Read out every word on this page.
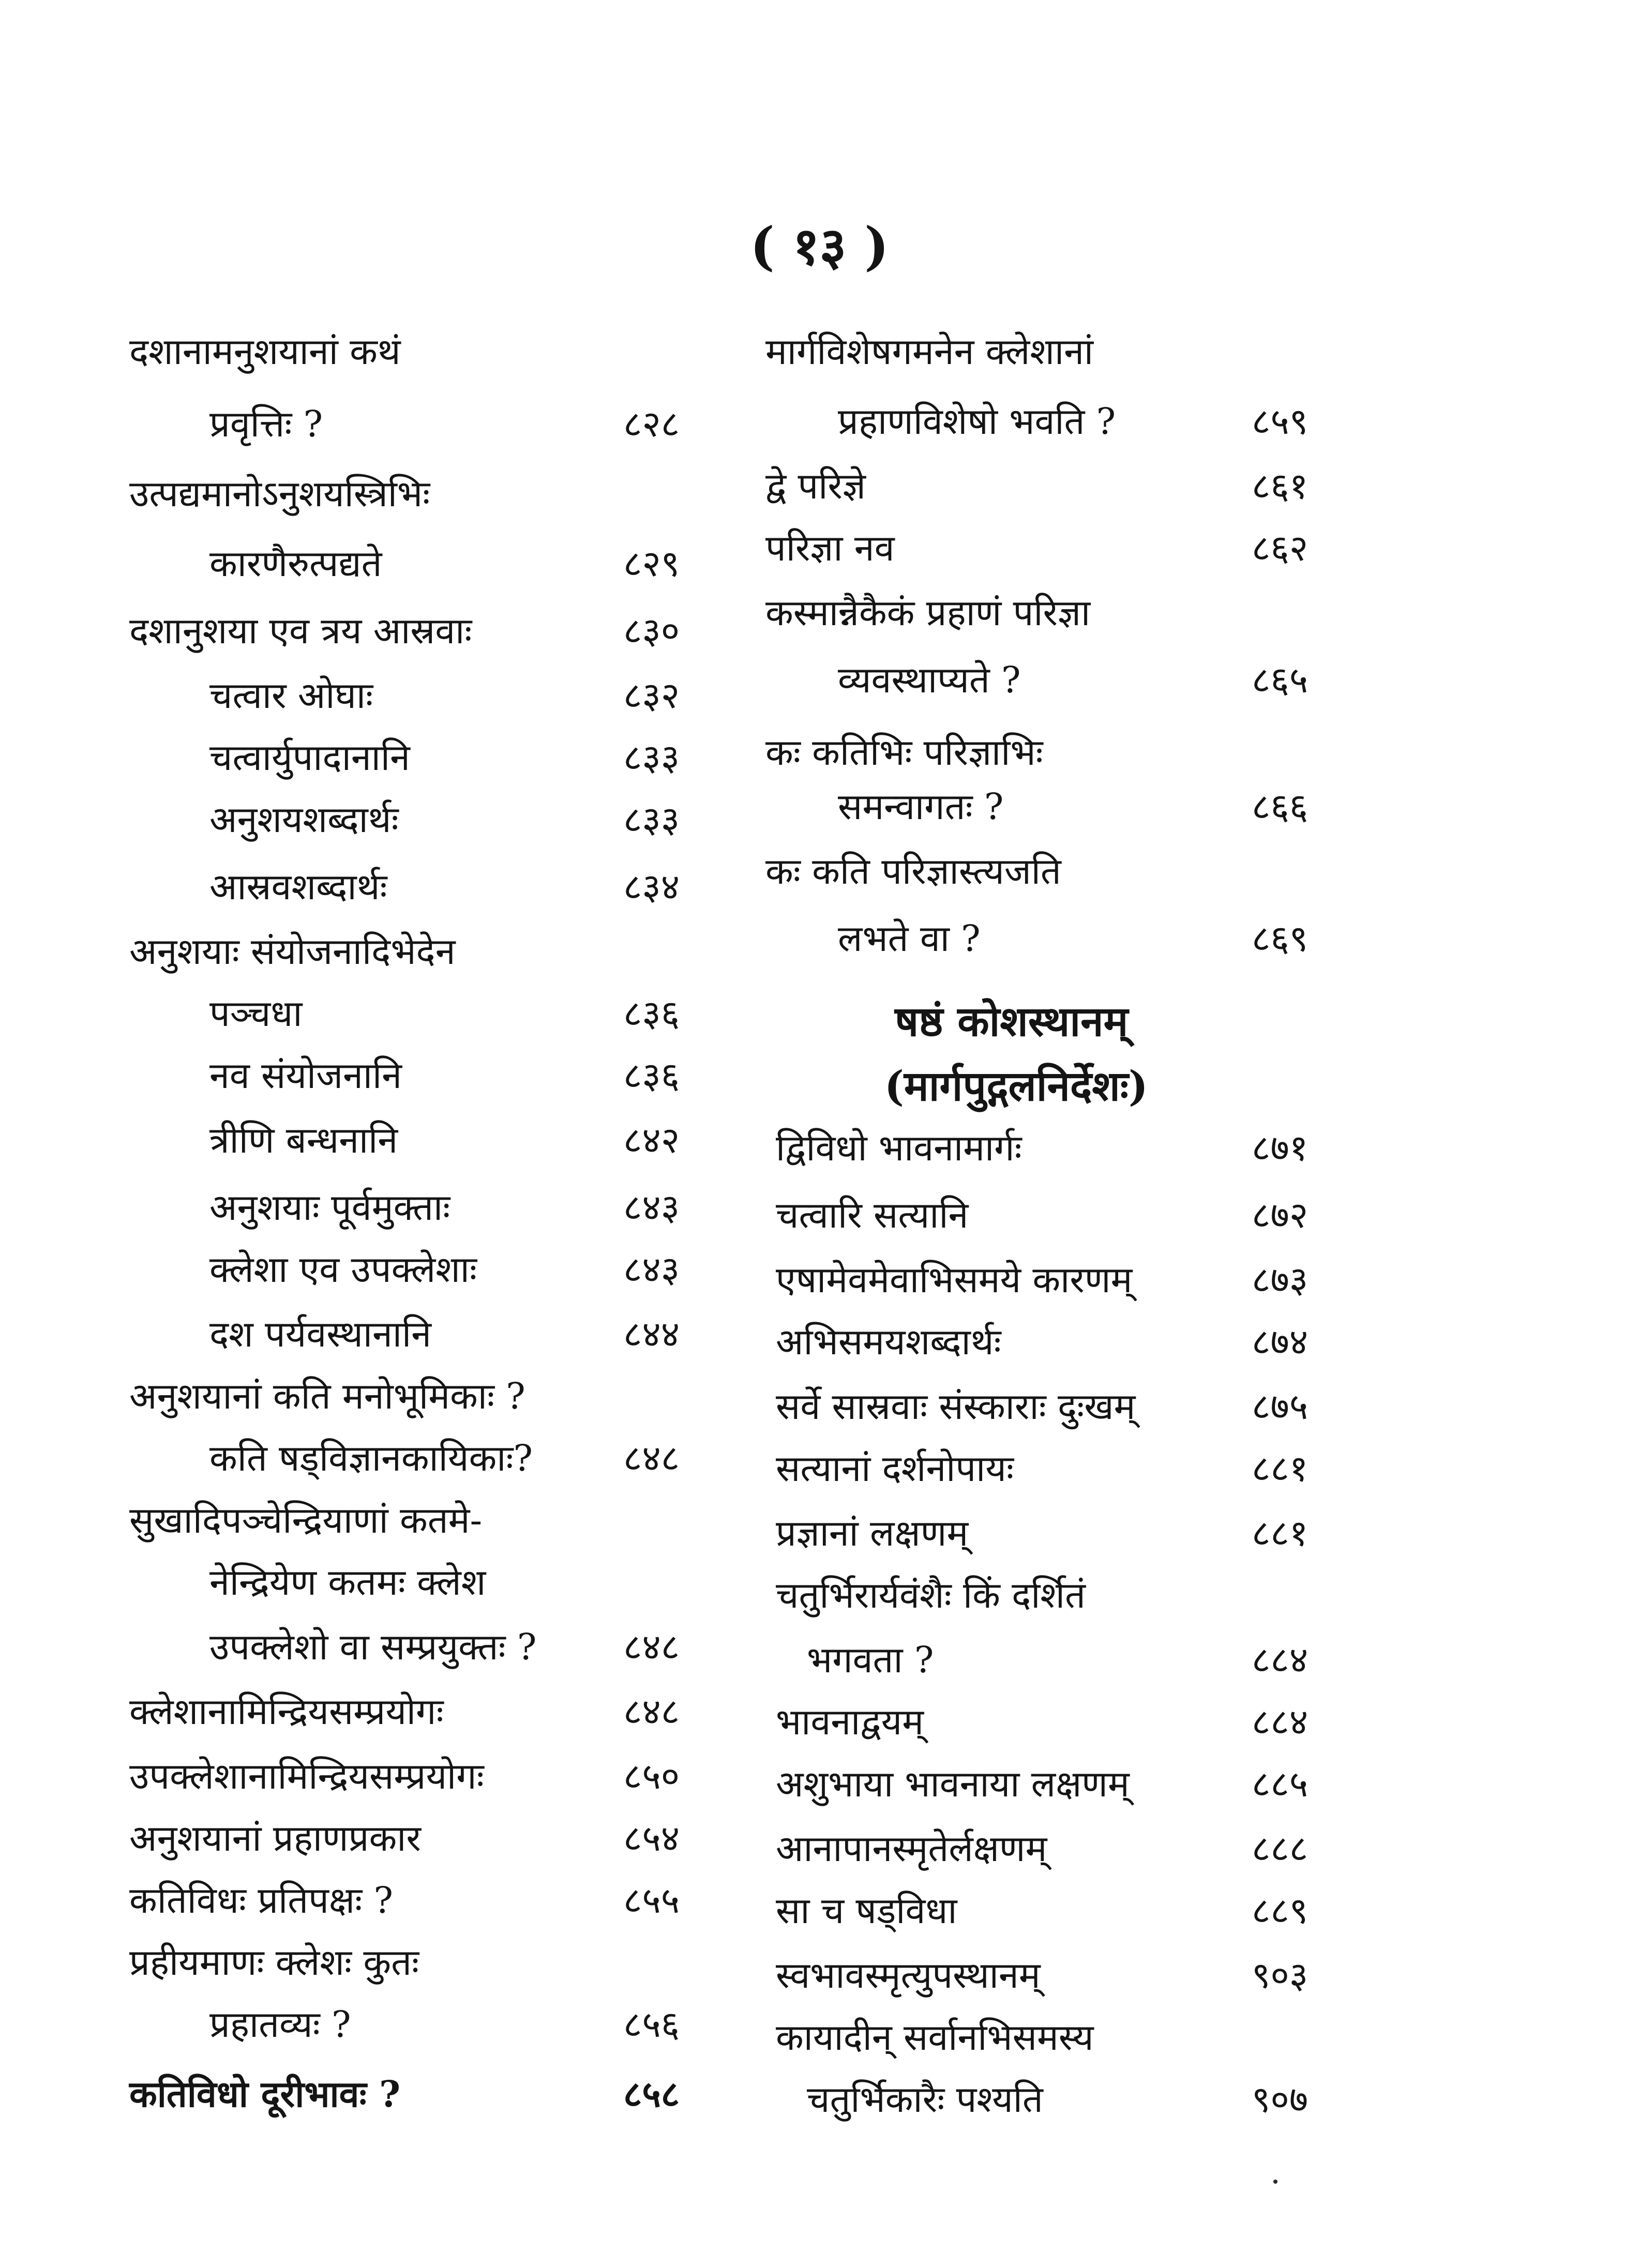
( १३ )
दशानामनुशयानां कथं
प्रवृत्तिः ?	८२८
उत्पद्यमानोऽनुशयस्त्रिभिः
कारणैरुत्पद्यते	८२९
दशानुशया एव त्रय आस्रवाः	८३०
चत्वार ओघाः	८३२
चत्वार्युपादानानि	८३३
अनुशयशब्दार्थः	८३३
आस्रवशब्दार्थः	८३४
अनुशयाः संयोजनादिभेदेन
पञ्चधा	८३६
नव संयोजनानि	८३६
त्रीणि बन्धनानि	८४२
अनुशयाः पूर्वमुक्ताः	८४३
क्लेशा एव उपक्लेशाः	८४३
दश पर्यवस्थानानि	८४४
अनुशयानां कति मनोभूमिकाः ?
कति षड्विज्ञानकायिकाः? ८४८
सुखादिपञ्चेन्द्रियाणां कतमे-
नेन्द्रियेण कतमः क्लेश
उपक्लेशो वा सम्प्रयुक्तः ? ८४८
क्लेशानामिन्द्रियसम्प्रयोगः	८४८
उपक्लेशानामिन्द्रियसम्प्रयोगः	८५०
अनुशयानां प्रहाणप्रकार	८५४
कतिविधः प्रतिपक्षः ?	८५५
प्रहीयमाणः क्लेशः कुतः
प्रहातव्यः ?	८५६
कतिविधो दूरीभावः ?	८५८
षष्ठं कोशस्थानम्
(मार्गपुद्गलनिर्देशः)
मार्गविशेषगमनेन क्लेशानां
प्रहाणविशेषो भवति ?	८५९
द्वे परिज्ञे	८६१
परिज्ञा नव	८६२
कस्मान्नैकैकं प्रहाणं परिज्ञा
व्यवस्थाप्यते ?	८६५
कः कतिभिः परिज्ञाभिः
समन्वागतः ?	८६६
कः कति परिज्ञास्त्यजति
लभते वा ?	८६९
द्विविधो भावनामार्गः	८७१
चत्वारि सत्यानि	८७२
एषामेवमेवाभिसमये कारणम्	८७३
अभिसमयशब्दार्थः	८७४
सर्वे सास्रवाः संस्काराः दुःखम्	८७५
सत्यानां दर्शनोपायः	८८१
प्रज्ञानां लक्षणम्	८८१
चतुर्भिरार्यवंशैः किं दर्शितं
भगवता ?	८८४
भावनाद्वयम्	८८४
अशुभाया भावनाया लक्षणम्	८८५
आनापानस्मृतेर्लक्षणम्	८८८
सा च षड्विधा	८८९
स्वभावस्मृत्युपस्थानम्	९०३
कायादीन् सर्वानभिसमस्य
चतुर्भिकारैः पश्यति	९०७
